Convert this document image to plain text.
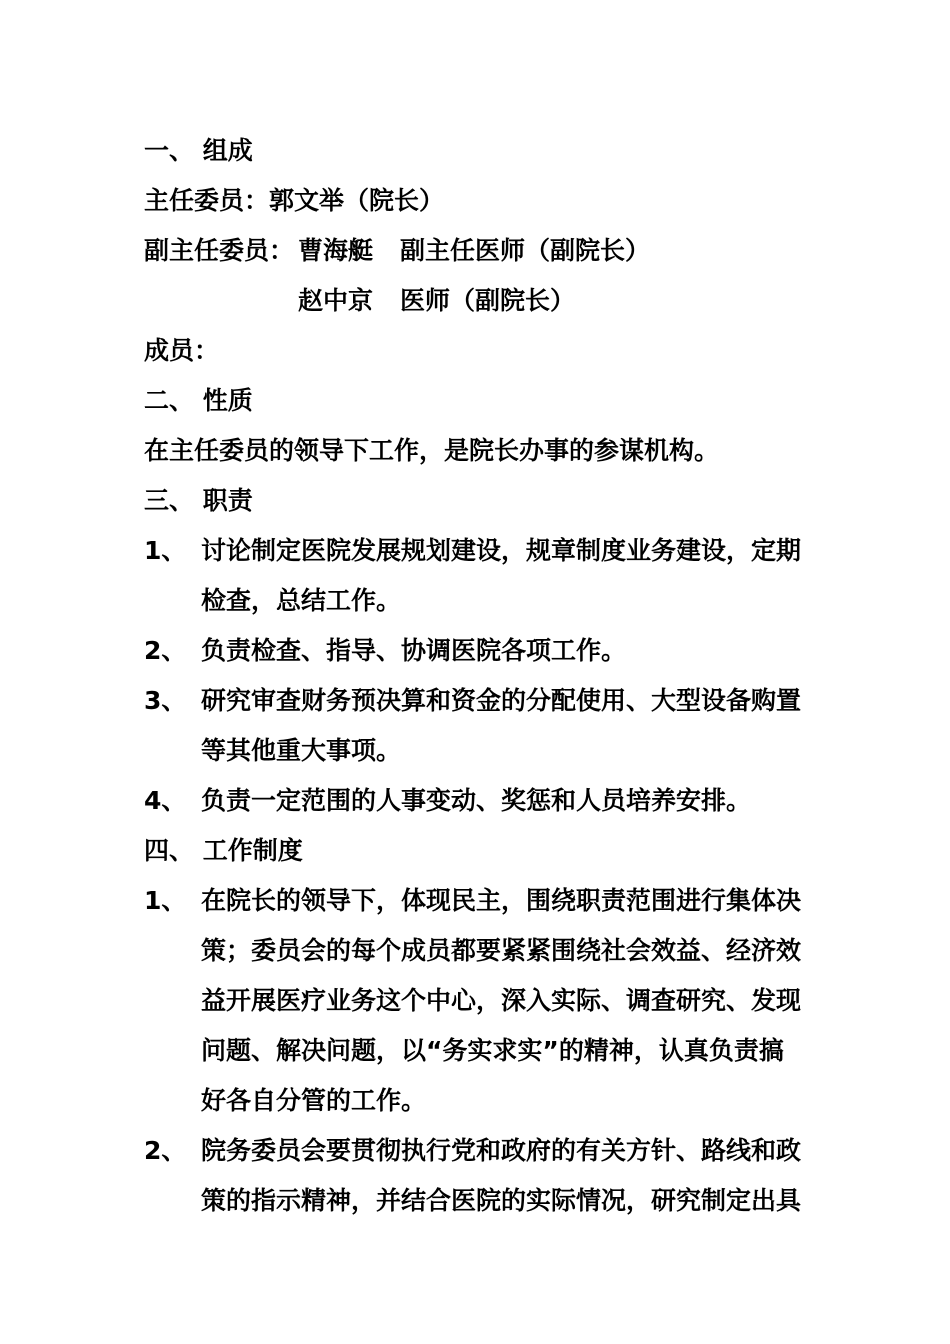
一、 组成
主任委员：郭文举（院长）
副主任委员： 曹海艇 副主任医师（副院长）
赵中京 医师（副院长）
成员：
二、 性质
在主任委员的领导下工作，是院长办事的参谋机构。
三、 职责
1、 讨论制定医院发展规划建设，规章制度业务建设，定期
检查，总结工作。
2、 负责检查、指导、协调医院各项工作。
3、 研究审查财务预决算和资金的分配使用、大型设备购置
等其他重大事项。
4、 负责一定范围的人事变动、奖惩和人员培养安排。
四、 工作制度
1、 在院长的领导下，体现民主，围绕职责范围进行集体决
策；委员会的每个成员都要紧紧围绕社会效益、经济效
益开展医疗业务这个中心，深入实际、调查研究、发现
问题、解决问题，以“务实求实”的精神，认真负责搞
好各自分管的工作。
2、 院务委员会要贯彻执行党和政府的有关方针、路线和政
策的指示精神，并结合医院的实际情况，研究制定出具
